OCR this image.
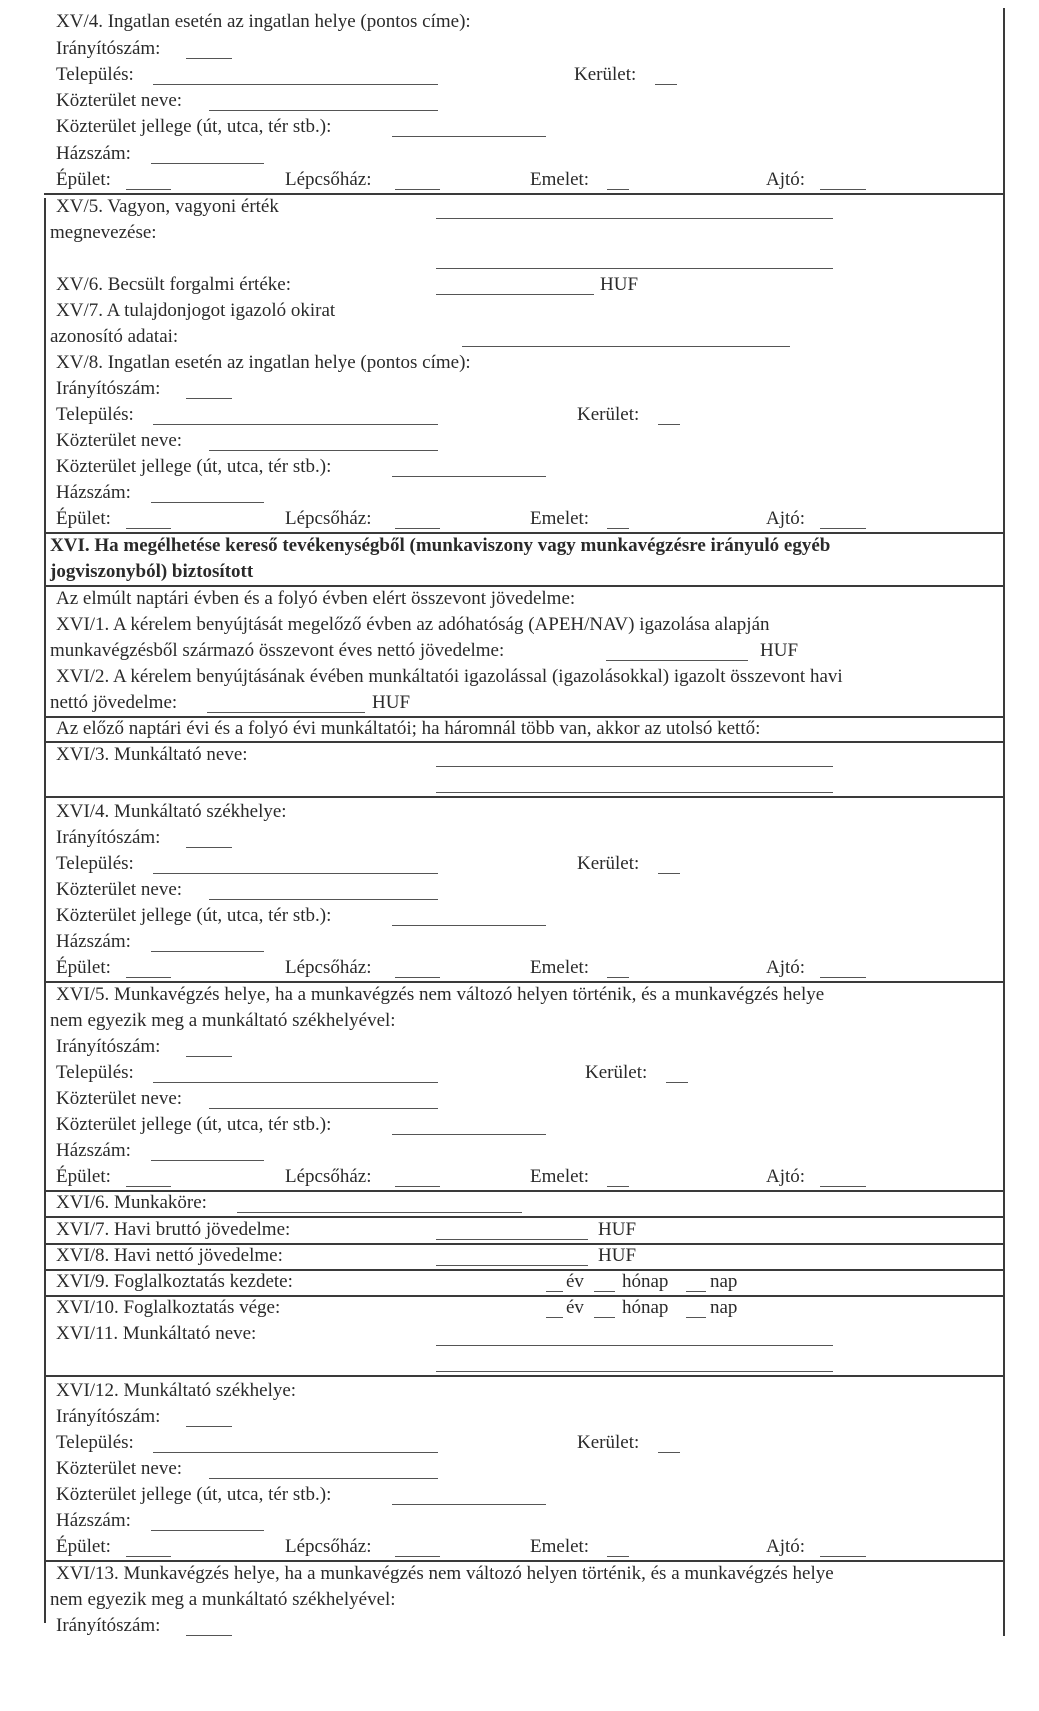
XV/4. Ingatlan esetén az ingatlan helye (pontos címe):
Irányítószám:
Település:	Kerület:
Közterület neve:
Közterület jellege (út, utca, tér stb.):
Házszám:
Épület:	Lépcsőház:	Emelet:	Ajtó:
XV/5. Vagyon, vagyoni érték
megnevezése:
XV/6. Becsült forgalmi értéke:	HUF
XV/7. A tulajdonjogot igazoló okirat
azonosító adatai:
XV/8. Ingatlan esetén az ingatlan helye (pontos címe):
Irányítószám:
Település:	Kerület:
Közterület neve:
Közterület jellege (út, utca, tér stb.):
Házszám:
Épület:	Lépcsőház:	Emelet:	Ajtó:
XVI. Ha megélhetése kereső tevékenységből (munkaviszony vagy munkavégzésre irányuló egyéb
jogviszonyból) biztosított
Az elmúlt naptári évben és a folyó évben elért összevont jövedelme:
XVI/1. A kérelem benyújtását megelőző évben az adóhatóság (APEH/NAV) igazolása alapján
munkavégzésből származó összevont éves nettó jövedelme:	HUF
XVI/2. A kérelem benyújtásának évében munkáltatói igazolással (igazolásokkal) igazolt összevont havi
nettó jövedelme:	HUF
Az előző naptári évi és a folyó évi munkáltatói; ha háromnál több van, akkor az utolsó kettő:
XVI/3. Munkáltató neve:
XVI/4. Munkáltató székhelye:
Irányítószám:
Település:	Kerület:
Közterület neve:
Közterület jellege (út, utca, tér stb.):
Házszám:
Épület:	Lépcsőház:	Emelet:	Ajtó:
XVI/5. Munkavégzés helye, ha a munkavégzés nem változó helyen történik, és a munkavégzés helye
nem egyezik meg a munkáltató székhelyével:
Irányítószám:
Település:	Kerület:
Közterület neve:
Közterület jellege (út, utca, tér stb.):
Házszám:
Épület:	Lépcsőház:	Emelet:	Ajtó:
XVI/6. Munkaköre:
XVI/7. Havi bruttó jövedelme:	HUF
XVI/8. Havi nettó jövedelme:	HUF
XVI/9. Foglalkoztatás kezdete:	év hónap nap
XVI/10. Foglalkoztatás vége:	év hónap nap
XVI/11. Munkáltató neve:
XVI/12. Munkáltató székhelye:
Irányítószám:
Település:	Kerület:
Közterület neve:
Közterület jellege (út, utca, tér stb.):
Házszám:
Épület:	Lépcsőház:	Emelet:	Ajtó:
XVI/13. Munkavégzés helye, ha a munkavégzés nem változó helyen történik, és a munkavégzés helye
nem egyezik meg a munkáltató székhelyével:
Irányítószám:
